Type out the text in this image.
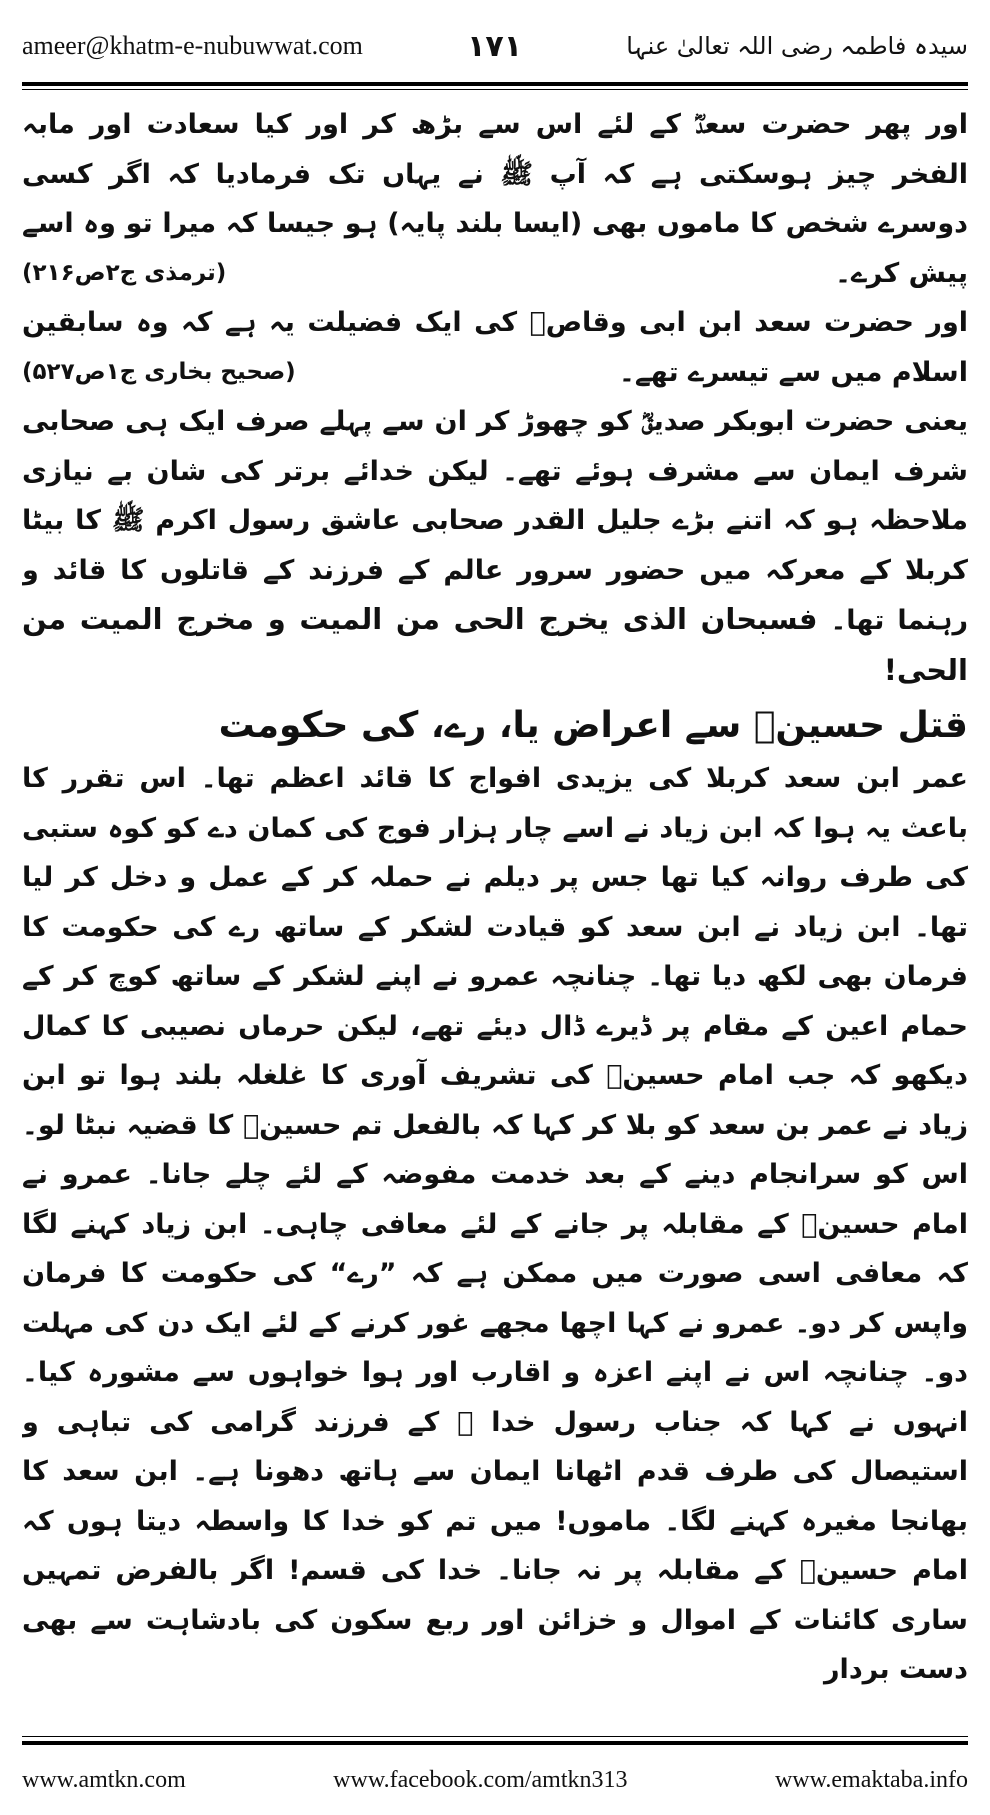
ameer@khatm-e-nubuwwat.com	۱۷۱	سیدہ فاطمہ رضی اللہ تعالیٰ عنہا

اور پھر حضرت سعدؓ کے لئے اس سے بڑھ کر اور کیا سعادت اور مابہ الفخر چیز ہوسکتی ہے کہ آپ ﷺ نے یہاں تک فرمادیا کہ اگر کسی دوسرے شخص کا ماموں بھی (ایسا بلند پایہ) ہو جیسا کہ میرا تو وہ اسے پیش کرے۔
(ترمذی ج۲ص۲۱۶)

اور حضرت سعد ابن ابی وقاصؓ کی ایک فضیلت یہ ہے کہ وہ سابقین اسلام میں سے تیسرے تھے۔
(صحیح بخاری ج۱ص۵۲۷)

یعنی حضرت ابوبکر صدیقؓ کو چھوڑ کر ان سے پہلے صرف ایک ہی صحابی شرف ایمان سے مشرف ہوئے تھے۔ لیکن خدائے برتر کی شان بے نیازی ملاحظہ ہو کہ اتنے بڑے جلیل القدر صحابی عاشق رسول اکرم ﷺ کا بیٹا کربلا کے معرکہ میں حضور سرور عالم کے فرزند کے قاتلوں کا قائد و رہنما تھا۔ فسبحان الذی یخرج الحی من المیت و مخرج المیت من الحی!

قتل حسینؓ سے اعراض یا، رے، کی حکومت

عمر ابن سعد کربلا کی یزیدی افواج کا قائد اعظم تھا۔ اس تقرر کا باعث یہ ہوا کہ ابن زیاد نے اسے چار ہزار فوج کی کمان دے کو کوہ ستبی کی طرف روانہ کیا تھا جس پر دیلم نے حملہ کر کے عمل و دخل کر لیا تھا۔ ابن زیاد نے ابن سعد کو قیادت لشکر کے ساتھ رے کی حکومت کا فرمان بھی لکھ دیا تھا۔ چنانچہ عمرو نے اپنے لشکر کے ساتھ کوچ کر کے حمام اعین کے مقام پر ڈیرے ڈال دیئے تھے، لیکن حرماں نصیبی کا کمال دیکھو کہ جب امام حسینؓ کی تشریف آوری کا غلغلہ بلند ہوا تو ابن زیاد نے عمر بن سعد کو بلا کر کہا کہ بالفعل تم حسینؓ کا قضیہ نبٹا لو۔ اس کو سرانجام دینے کے بعد خدمت مفوضہ کے لئے چلے جانا۔ عمرو نے امام حسینؓ کے مقابلہ پر جانے کے لئے معافی چاہی۔ ابن زیاد کہنے لگا کہ معافی اسی صورت میں ممکن ہے کہ ”رے“ کی حکومت کا فرمان واپس کر دو۔ عمرو نے کہا اچھا مجھے غور کرنے کے لئے ایک دن کی مہلت دو۔ چنانچہ اس نے اپنے اعزہ و اقارب اور ہوا خواہوں سے مشورہ کیا۔ انہوں نے کہا کہ جناب رسول خدا ﷺ کے فرزند گرامی کی تباہی و استیصال کی طرف قدم اٹھانا ایمان سے ہاتھ دھونا ہے۔ ابن سعد کا بھانجا مغیرہ کہنے لگا۔ ماموں! میں تم کو خدا کا واسطہ دیتا ہوں کہ امام حسینؓ کے مقابلہ پر نہ جانا۔ خدا کی قسم! اگر بالفرض تمہیں ساری کائنات کے اموال و خزائن اور ربع سکون کی بادشاہت سے بھی دست بردار

www.amtkn.com	www.facebook.com/amtkn313	www.emaktaba.info
